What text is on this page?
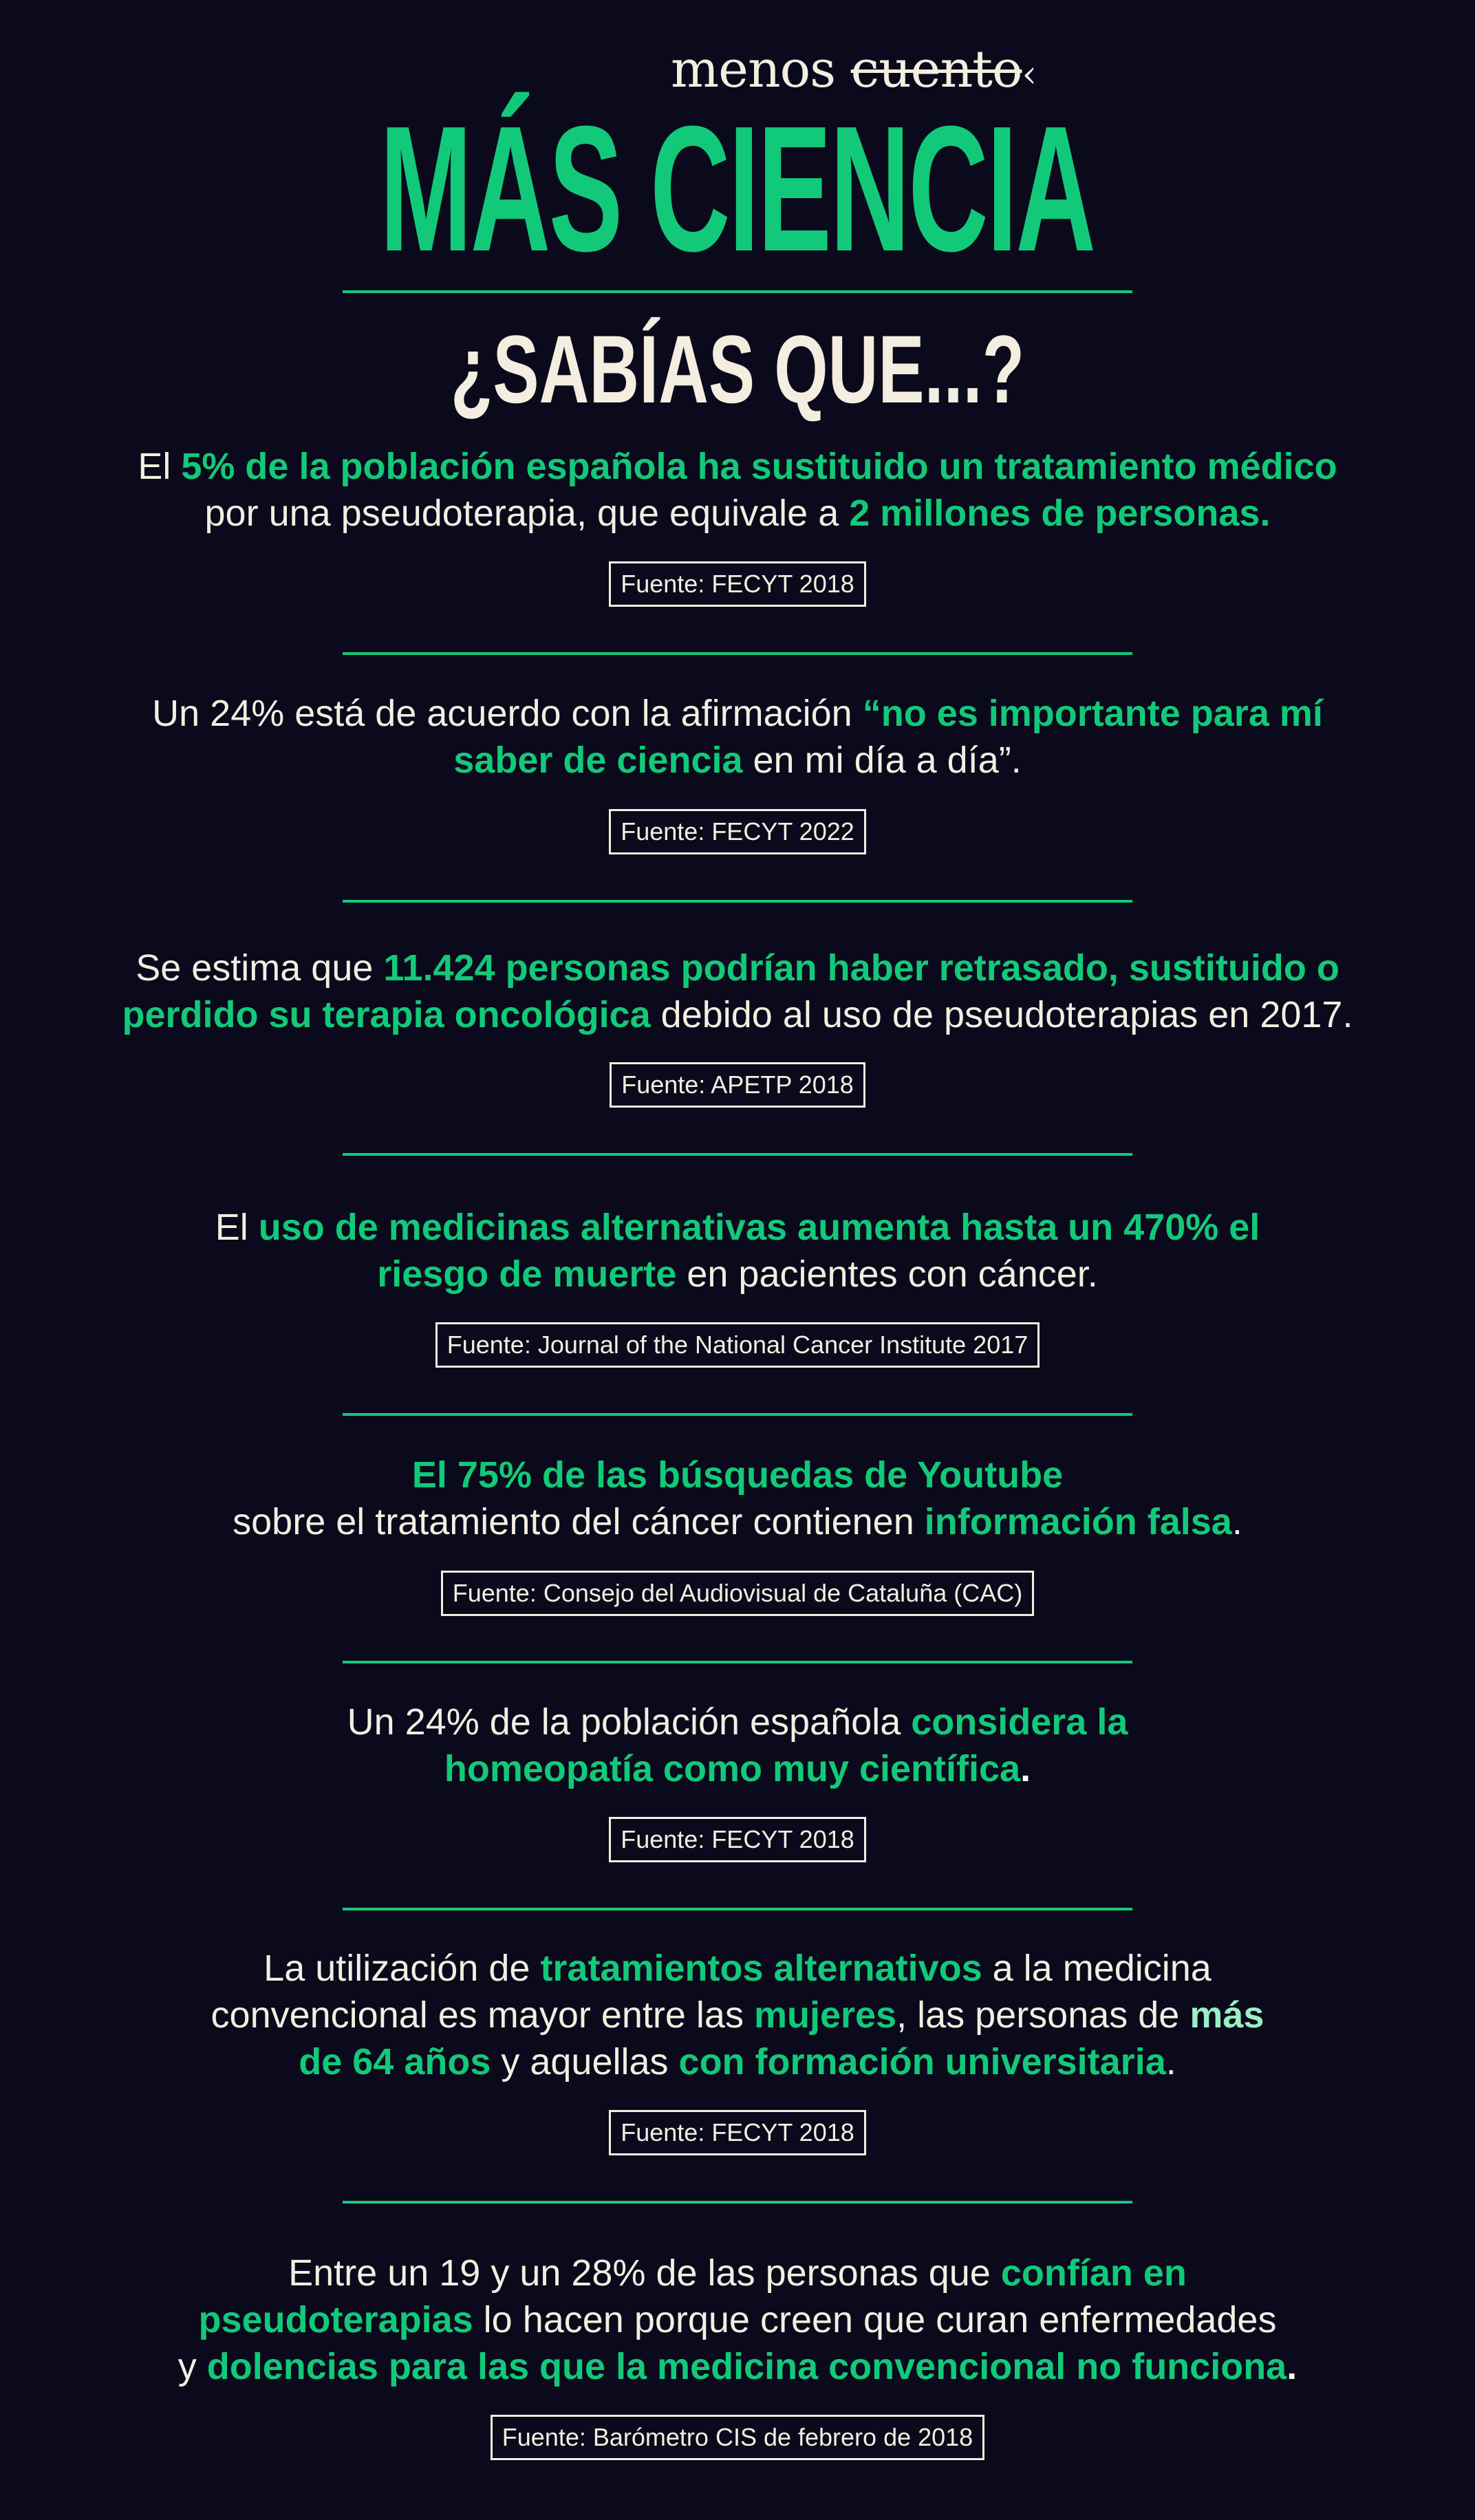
menos cuento‹
MÁS CIENCIA
¿SABÍAS QUE...?
El 5% de la población española ha sustituido un tratamiento médico
por una pseudoterapia, que equivale a 2 millones de personas.
Fuente: FECYT 2018
Un 24% está de acuerdo con la afirmación “no es importante para mí
saber de ciencia en mi día a día”.
Fuente: FECYT 2022
Se estima que 11.424 personas podrían haber retrasado, sustituido o
perdido su terapia oncológica debido al uso de pseudoterapias en 2017.
Fuente: APETP 2018
El uso de medicinas alternativas aumenta hasta un 470% el
riesgo de muerte en pacientes con cáncer.
Fuente: Journal of the National Cancer Institute 2017
El 75% de las búsquedas de Youtube
sobre el tratamiento del cáncer contienen información falsa.
Fuente: Consejo del Audiovisual de Cataluña (CAC)
Un 24% de la población española considera la
homeopatía como muy científica.
Fuente: FECYT 2018
La utilización de tratamientos alternativos a la medicina
convencional es mayor entre las mujeres, las personas de más
de 64 años y aquellas con formación universitaria.
Fuente: FECYT 2018
Entre un 19 y un 28% de las personas que confían en
pseudoterapias lo hacen porque creen que curan enfermedades
y dolencias para las que la medicina convencional no funciona.
Fuente: Barómetro CIS de febrero de 2018
